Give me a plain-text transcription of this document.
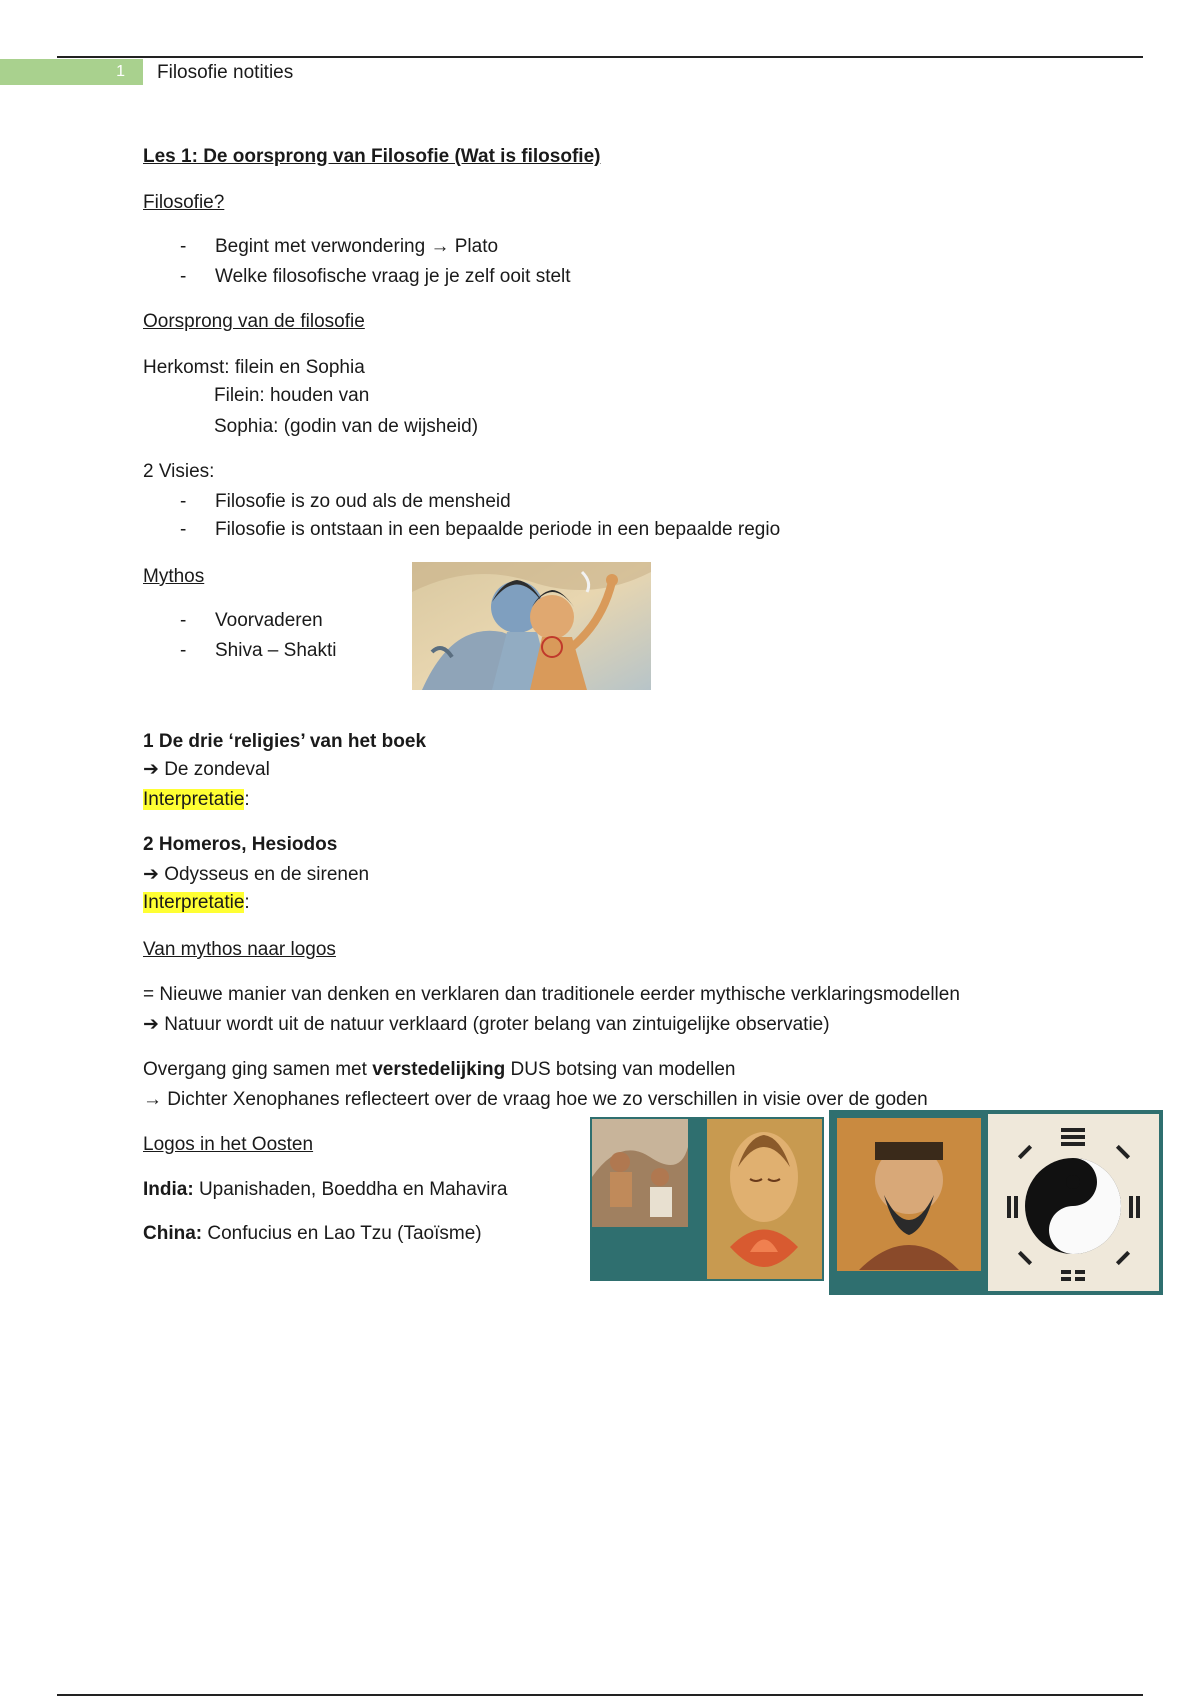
1	Filosofie notities
Les 1: De oorsprong van Filosofie (Wat is filosofie)
Filosofie?
- Begint met verwondering → Plato
- Welke filosofische vraag je je zelf ooit stelt
Oorsprong van de filosofie
Herkomst: filein en Sophia
Filein: houden van
Sophia: (godin van de wijsheid)
2 Visies:
- Filosofie is zo oud als de mensheid
- Filosofie is ontstaan in een bepaalde periode in een bepaalde regio
Mythos
- Voorvaderen
- Shiva – Shakti
1 De drie ‘religies’ van het boek
➔ De zondeval
Interpretatie:
2 Homeros, Hesiodos
➔ Odysseus en de sirenen
Interpretatie:
Van mythos naar logos
= Nieuwe manier van denken en verklaren dan traditionele eerder mythische verklaringsmodellen
➔ Natuur wordt uit de natuur verklaard (groter belang van zintuigelijke observatie)
Overgang ging samen met verstedelijking DUS botsing van modellen
→ Dichter Xenophanes reflecteert over de vraag hoe we zo verschillen in visie over de goden
Logos in het Oosten
India: Upanishaden, Boeddha en Mahavira
China: Confucius en Lao Tzu (Taoïsme)
